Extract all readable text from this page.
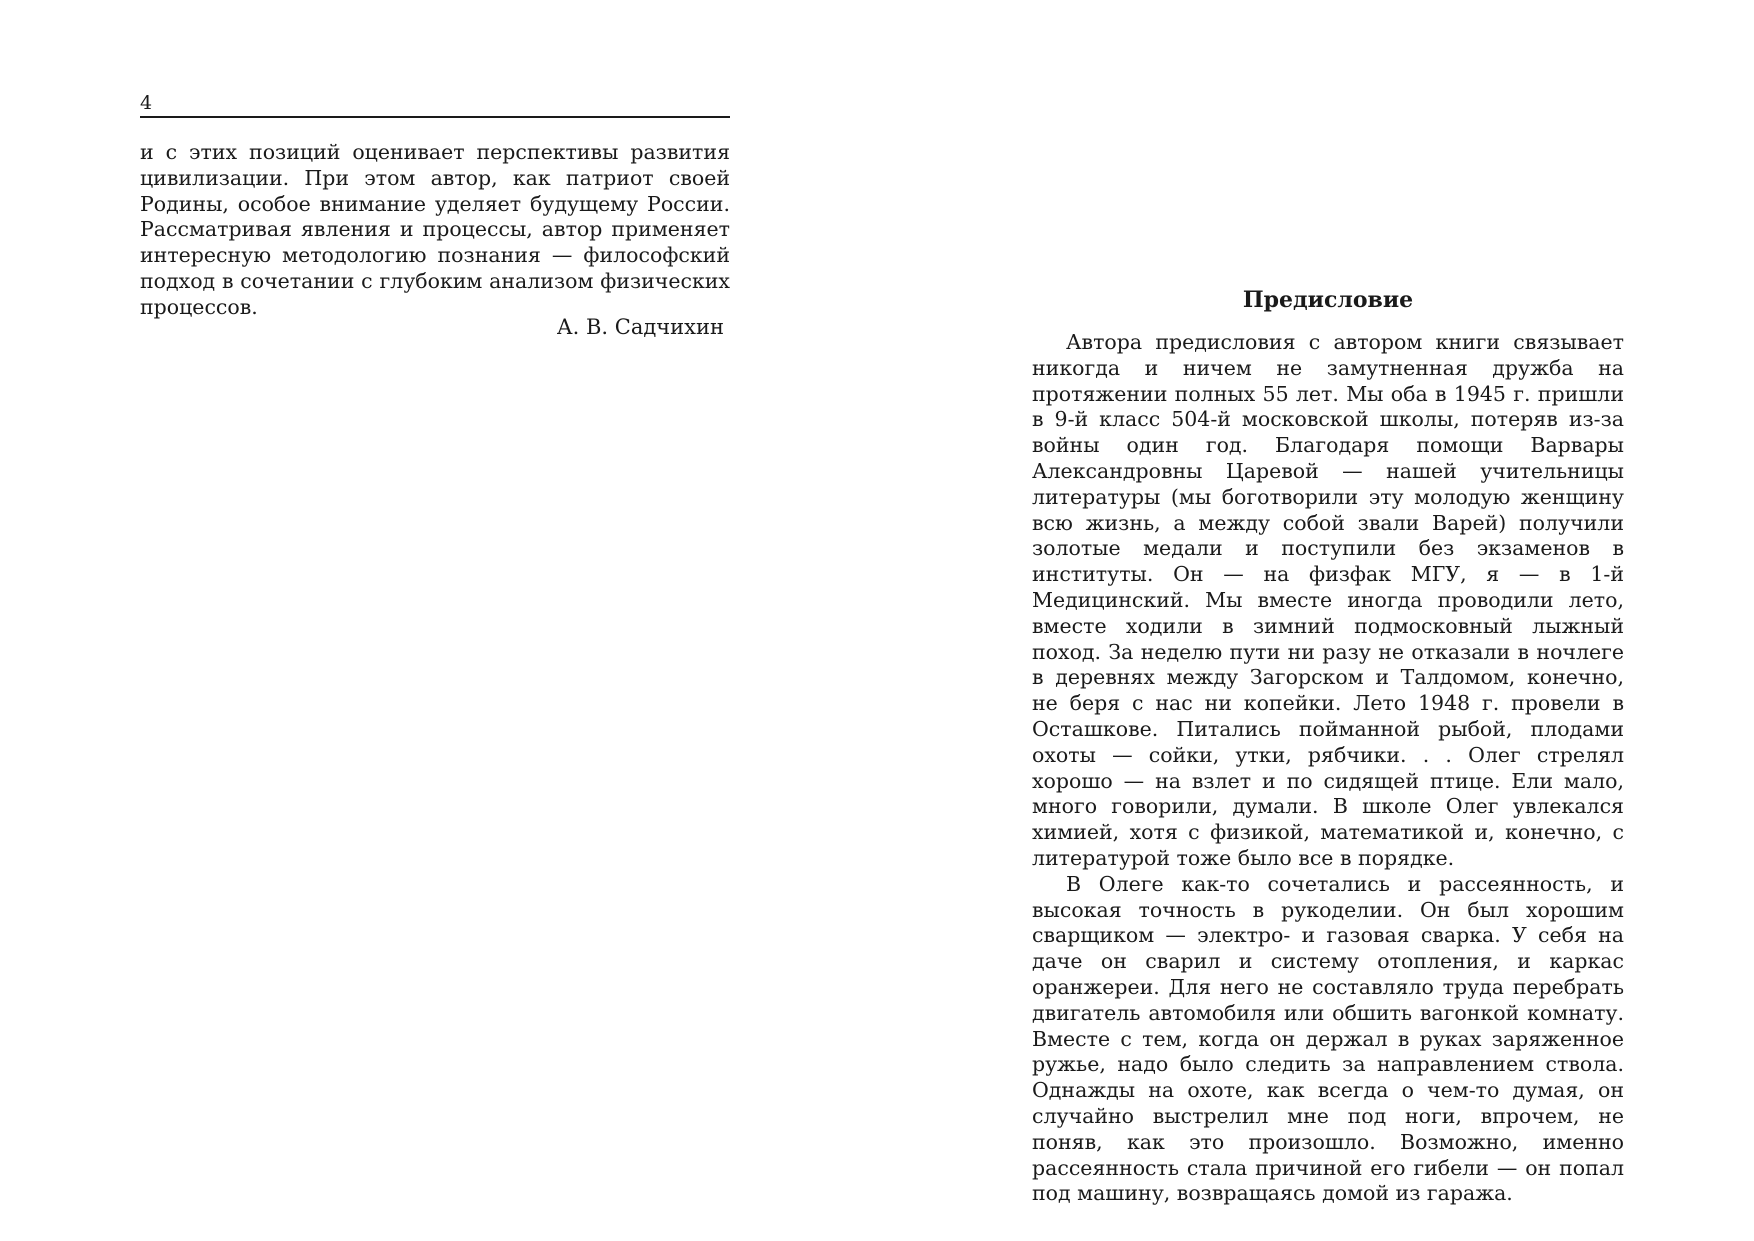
4

и с этих позиций оценивает перспективы развития цивилизации. При этом автор, как патриот своей Родины, особое внимание уделяет будущему России. Рассматривая явления и процессы, автор применяет интересную методологию познания — философский подход в сочетании с глубоким анализом физических процессов.

А. В. Садчихин
Предисловие

Автора предисловия с автором книги связывает никогда и ничем не замутненная дружба на протяжении полных 55 лет. Мы оба в 1945 г. пришли в 9-й класс 504-й московской школы, потеряв из-за войны один год. Благодаря помощи Варвары Александровны Царевой — нашей учительницы литературы (мы боготворили эту молодую женщину всю жизнь, а между собой звали Варей) получили золотые медали и поступили без экзаменов в институты. Он — на физфак МГУ, я — в 1-й Медицинский. Мы вместе иногда проводили лето, вместе ходили в зимний подмосковный лыжный поход. За неделю пути ни разу не отказали в ночлеге в деревнях между Загорском и Талдомом, конечно, не беря с нас ни копейки. Лето 1948 г. провели в Осташкове. Питались пойманной рыбой, плодами охоты — сойки, утки, рябчики. . . Олег стрелял хорошо — на взлет и по сидящей птице. Ели мало, много говорили, думали. В школе Олег увлекался химией, хотя с физикой, математикой и, конечно, с литературой тоже было все в порядке.

В Олеге как-то сочетались и рассеянность, и высокая точность в рукоделии. Он был хорошим сварщиком — электро- и газовая сварка. У себя на даче он сварил и систему отопления, и каркас оранжереи. Для него не составляло труда перебрать двигатель автомобиля или обшить вагонкой комнату. Вместе с тем, когда он держал в руках заряженное ружье, надо было следить за направлением ствола. Однажды на охоте, как всегда о чем-то думая, он случайно выстрелил мне под ноги, впрочем, не поняв, как это произошло. Возможно, именно рассеянность стала причиной его гибели — он попал под машину, возвращаясь домой из гаража.
